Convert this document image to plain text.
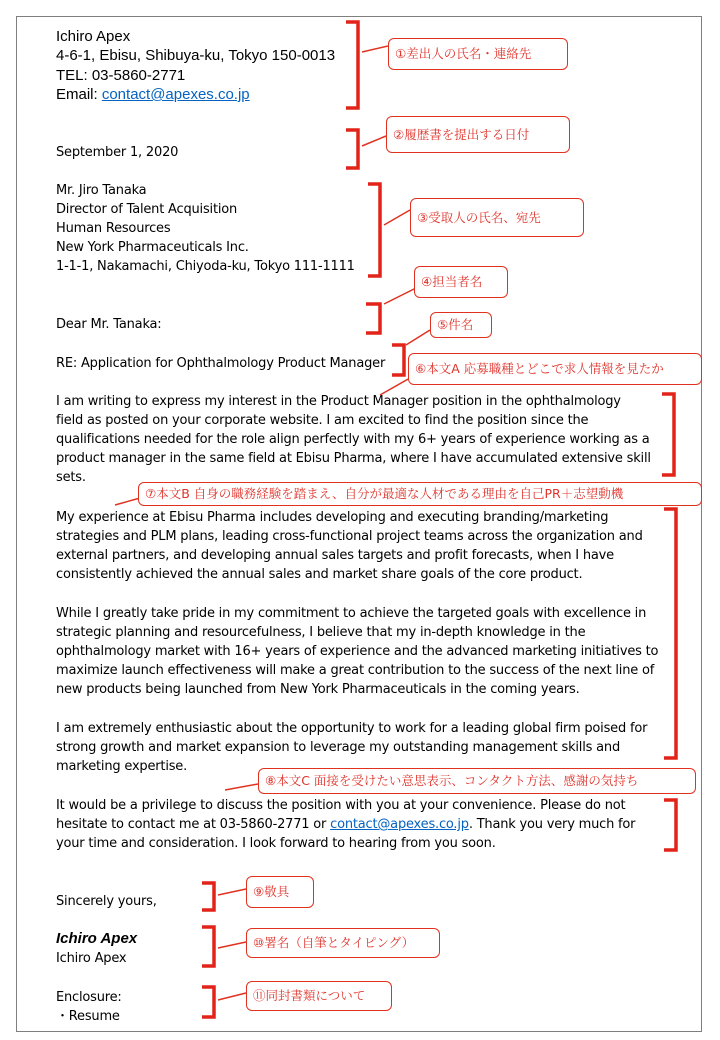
Ichiro Apex
4-6-1, Ebisu, Shibuya-ku, Tokyo 150-0013
TEL: 03-5860-2771
Email: contact@apexes.co.jp
September 1, 2020
Mr. Jiro Tanaka
Director of Talent Acquisition
Human Resources
New York Pharmaceuticals Inc.
1-1-1, Nakamachi, Chiyoda-ku, Tokyo 111-1111
Dear Mr. Tanaka:
RE: Application for Ophthalmology Product Manager

I am writing to express my interest in the Product Manager position in the ophthalmology

field as posted on your corporate website. I am excited to find the position since the

qualifications needed for the role align perfectly with my 6+ years of experience working as a

product manager in the same field at Ebisu Pharma, where I have accumulated extensive skill

sets.

My experience at Ebisu Pharma includes developing and executing branding/marketing

strategies and PLM plans, leading cross-functional project teams across the organization and

external partners, and developing annual sales targets and profit forecasts, when I have

consistently achieved the annual sales and market share goals of the core product.

While I greatly take pride in my commitment to achieve the targeted goals with excellence in

strategic planning and resourcefulness, I believe that my in-depth knowledge in the

ophthalmology market with 16+ years of experience and the advanced marketing initiatives to

maximize launch effectiveness will make a great contribution to the success of the next line of

new products being launched from New York Pharmaceuticals in the coming years.

I am extremely enthusiastic about the opportunity to work for a leading global firm poised for

strong growth and market expansion to leverage my outstanding management skills and

marketing expertise.

It would be a privilege to discuss the position with you at your convenience. Please do not

hesitate to contact me at 03-5860-2771 or contact@apexes.co.jp. Thank you very much for

your time and consideration. I look forward to hearing from you soon.

Sincerely yours,
Ichiro Apex
Ichiro Apex
Enclosure:
・Resume
①差出人の氏名・連絡先
②履歴書を提出する日付
③受取人の氏名、宛先
④担当者名
⑤件名
⑥本文A 応募職種とどこで求人情報を見たか
⑦本文B 自身の職務経験を踏まえ、自分が最適な人材である理由を自己PR＋志望動機
⑧本文C 面接を受けたい意思表示、コンタクト方法、感謝の気持ち
⑨敬具
⑩署名（自筆とタイピング）
⑪同封書類について
